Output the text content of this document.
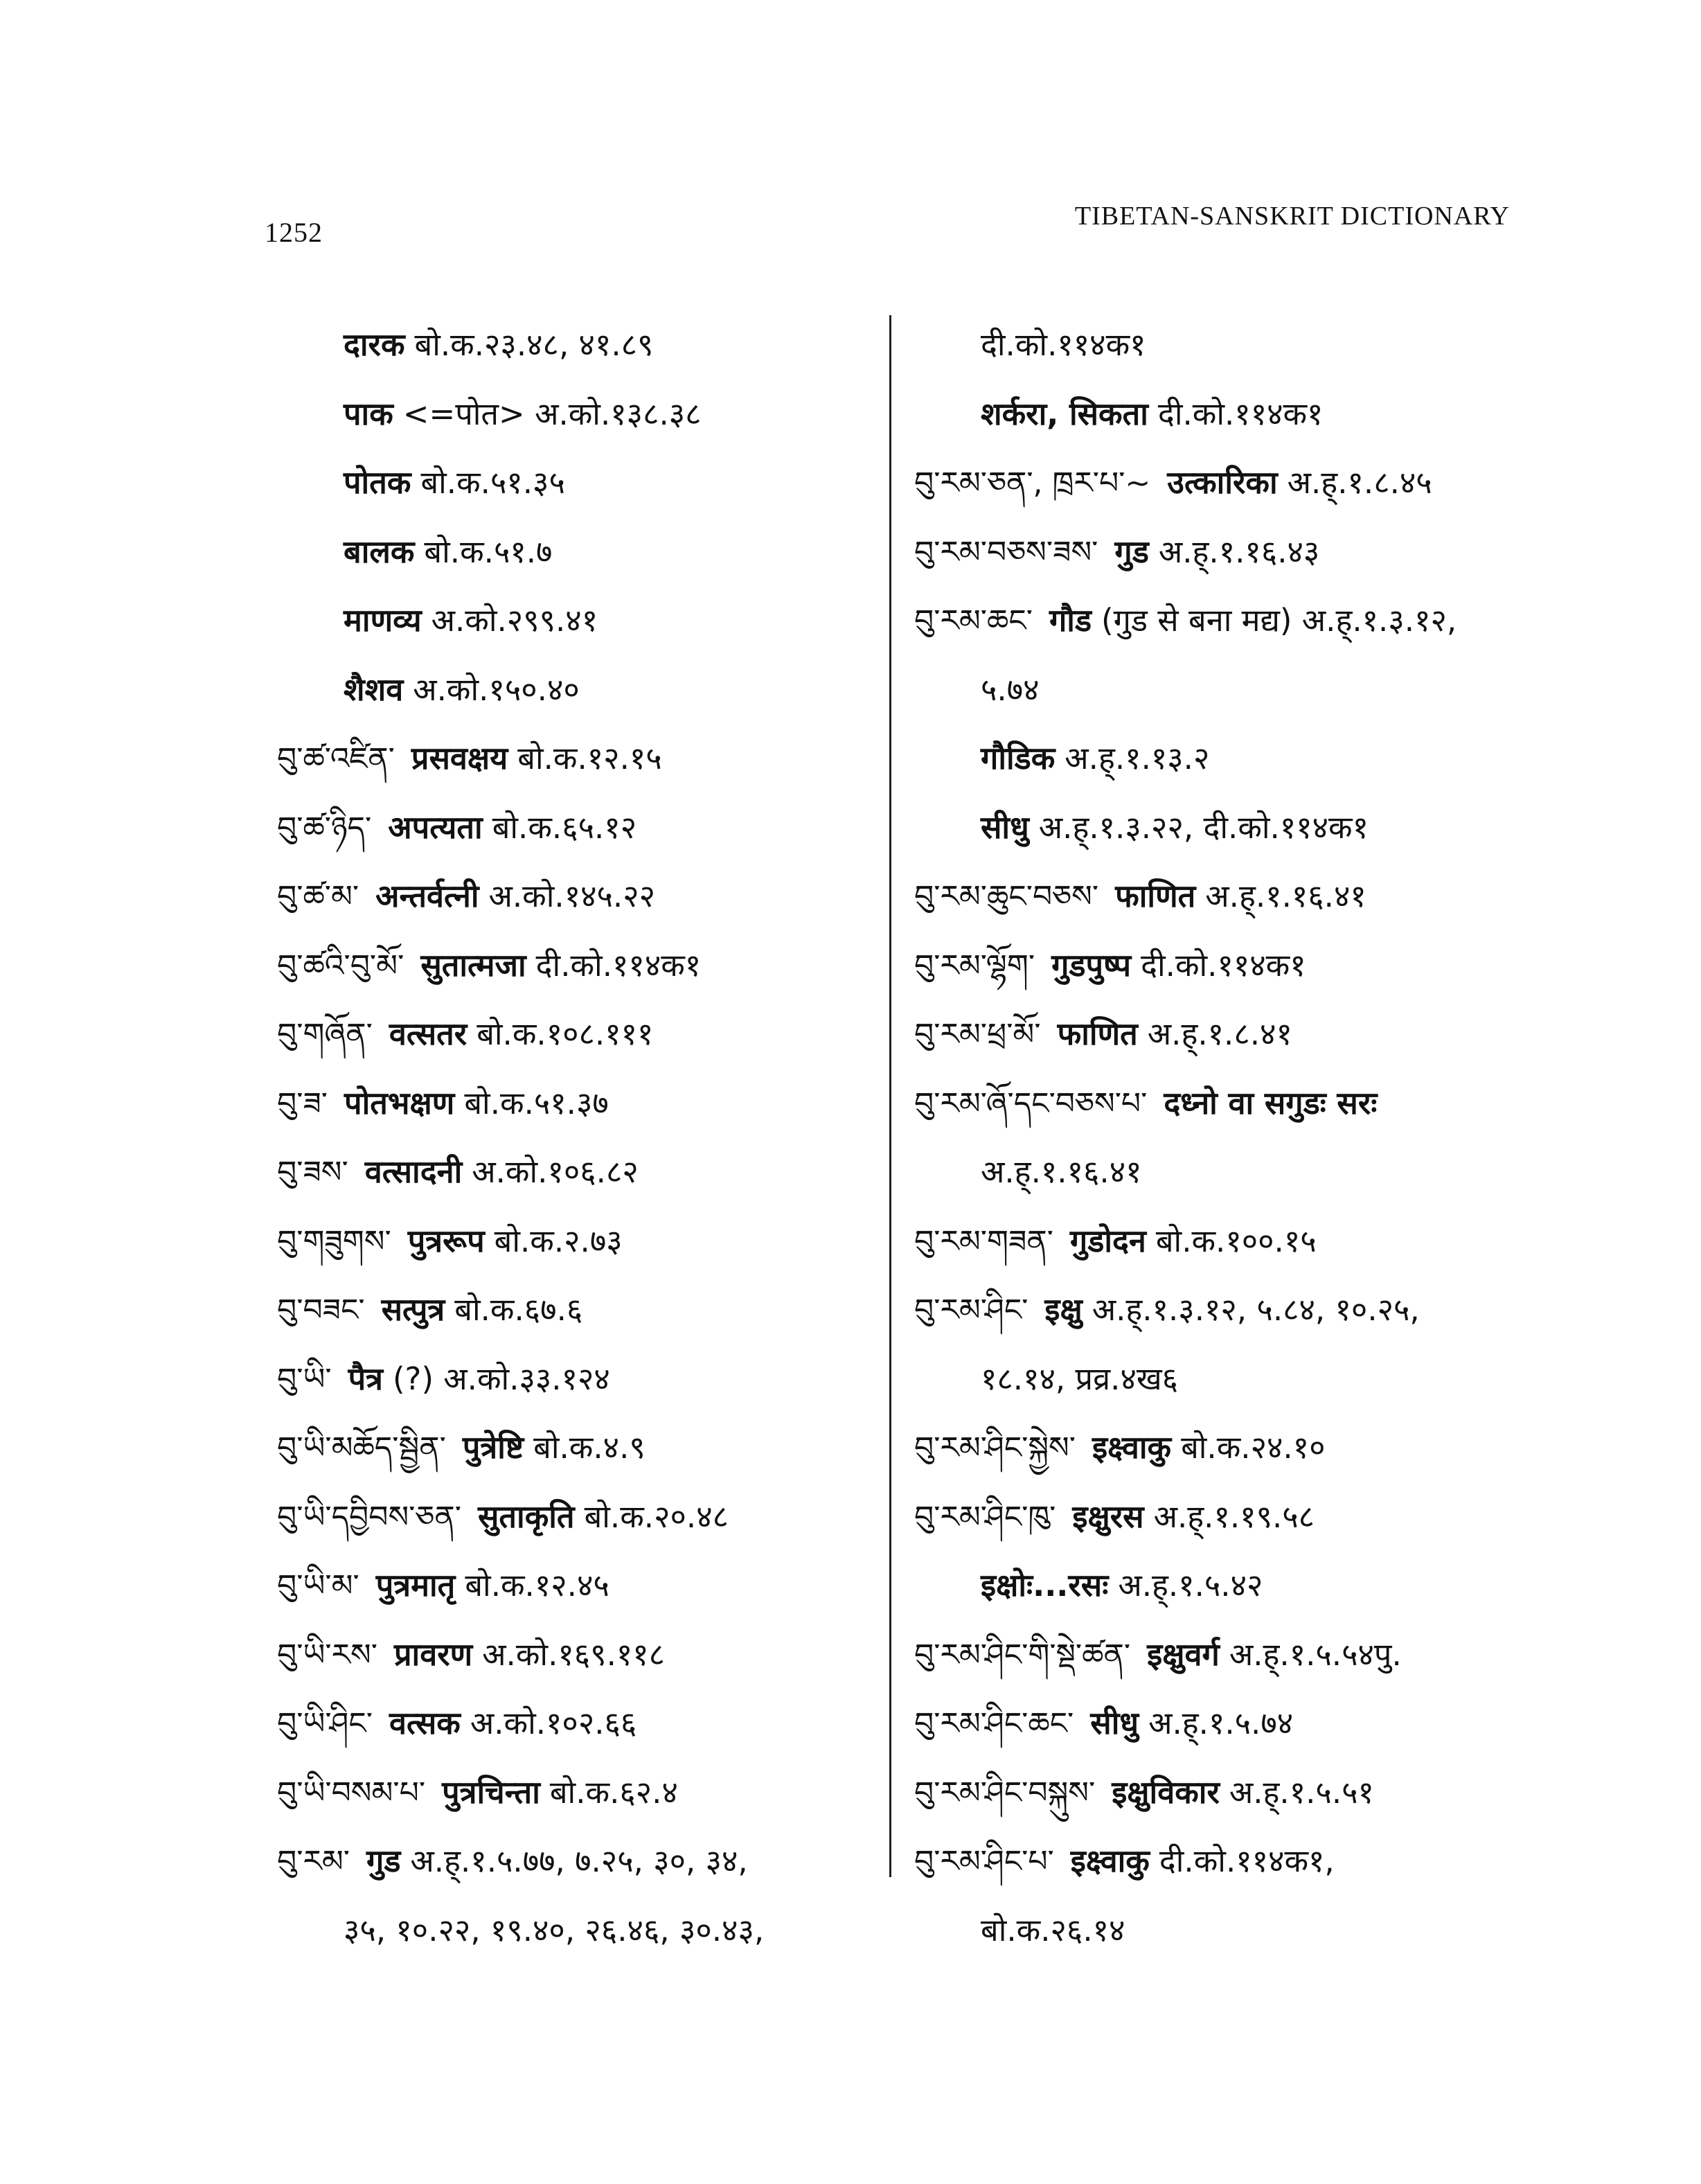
1252
TIBETAN-SANSKRIT DICTIONARY
दारक बो.क.२३.४८, ४१.८९
पाक <=पोत> अ.को.१३८.३८
पोतक बो.क.५१.३५
बालक बो.क.५१.७
माणव्य अ.को.२९९.४१
शैशव अ.को.१५०.४०
བུ་ཚ་འཛིན་ प्रसवक्षय बो.क.१२.१५
བུ་ཚ་ཉིད་ अपत्यता बो.क.६५.१२
བུ་ཚ་མ་ अन्तर्वत्नी अ.को.१४५.२२
བུ་ཚའི་བུ་མོ་ सुतात्मजा दी.को.११४क१
བུ་གཞོན་ वत्सतर बो.क.१०८.१११
བུ་ཟ་ पोतभक्षण बो.क.५१.३७
བུ་ཟས་ वत्सादनी अ.को.१०६.८२
བུ་གཟུགས་ पुत्ररूप बो.क.२.७३
བུ་བཟང་ सत्पुत्र बो.क.६७.६
བུ་ཡི་ पैत्र (?) अ.को.३३.१२४
བུ་ཡི་མཆོད་སྦྱིན་ पुत्रेष्टि बो.क.४.९
བུ་ཡི་དབྱིབས་ཅན་ सुताकृति बो.क.२०.४८
བུ་ཡི་མ་ पुत्रमातृ बो.क.१२.४५
བུ་ཡི་རས་ प्रावरण अ.को.१६९.११८
བུ་ཡི་ཤིང་ वत्सक अ.को.१०२.६६
བུ་ཡི་བསམ་པ་ पुत्रचिन्ता बो.क.६२.४
བུ་རམ་ गुड अ.ह्.१.५.७७, ७.२५, ३०, ३४,
३५, १०.२२, १९.४०, २६.४६, ३०.४३,
दी.को.११४क१
शर्करा, सिकता दी.को.११४क१
བུ་རམ་ཅན་, ཁྲར་པ་~ उत्कारिका अ.ह्.१.८.४५
བུ་རམ་བཅས་ཟས་ गुड अ.ह्.१.१६.४३
བུ་རམ་ཆང་ गौड (गुड से बना मद्य) अ.ह्.१.३.१२,
५.७४
गौडिक अ.ह्.१.१३.२
सीधु अ.ह्.१.३.२२, दी.को.११४क१
བུ་རམ་ཆུང་བཅས་ फाणित अ.ह्.१.१६.४१
བུ་རམ་ལྷོག་ गुडपुष्प दी.को.११४क१
བུ་རམ་ཕྲ་མོ་ फाणित अ.ह्.१.८.४१
བུ་རམ་ཞོ་དང་བཅས་པ་ दध्नो वा सगुडः सरः
अ.ह्.१.१६.४१
བུ་རམ་གཟན་ गुडोदन बो.क.१००.१५
བུ་རམ་ཤིང་ इक्षु अ.ह्.१.३.१२, ५.८४, १०.२५,
१८.१४, प्रव्र.४ख६
བུ་རམ་ཤིང་སྐྱེས་ इक्ष्वाकु बो.क.२४.१०
བུ་རམ་ཤིང་ཁུ་ इक्षुरस अ.ह्.१.१९.५८
इक्षोः...रसः अ.ह्.१.५.४२
བུ་རམ་ཤིང་གི་སྡེ་ཚན་ इक्षुवर्ग अ.ह्.१.५.५४पु.
བུ་རམ་ཤིང་ཆང་ सीधु अ.ह्.१.५.७४
བུ་རམ་ཤིང་བསྐུས་ इक्षुविकार अ.ह्.१.५.५१
བུ་རམ་ཤིང་པ་ इक्ष्वाकु दी.को.११४क१,
बो.क.२६.१४
